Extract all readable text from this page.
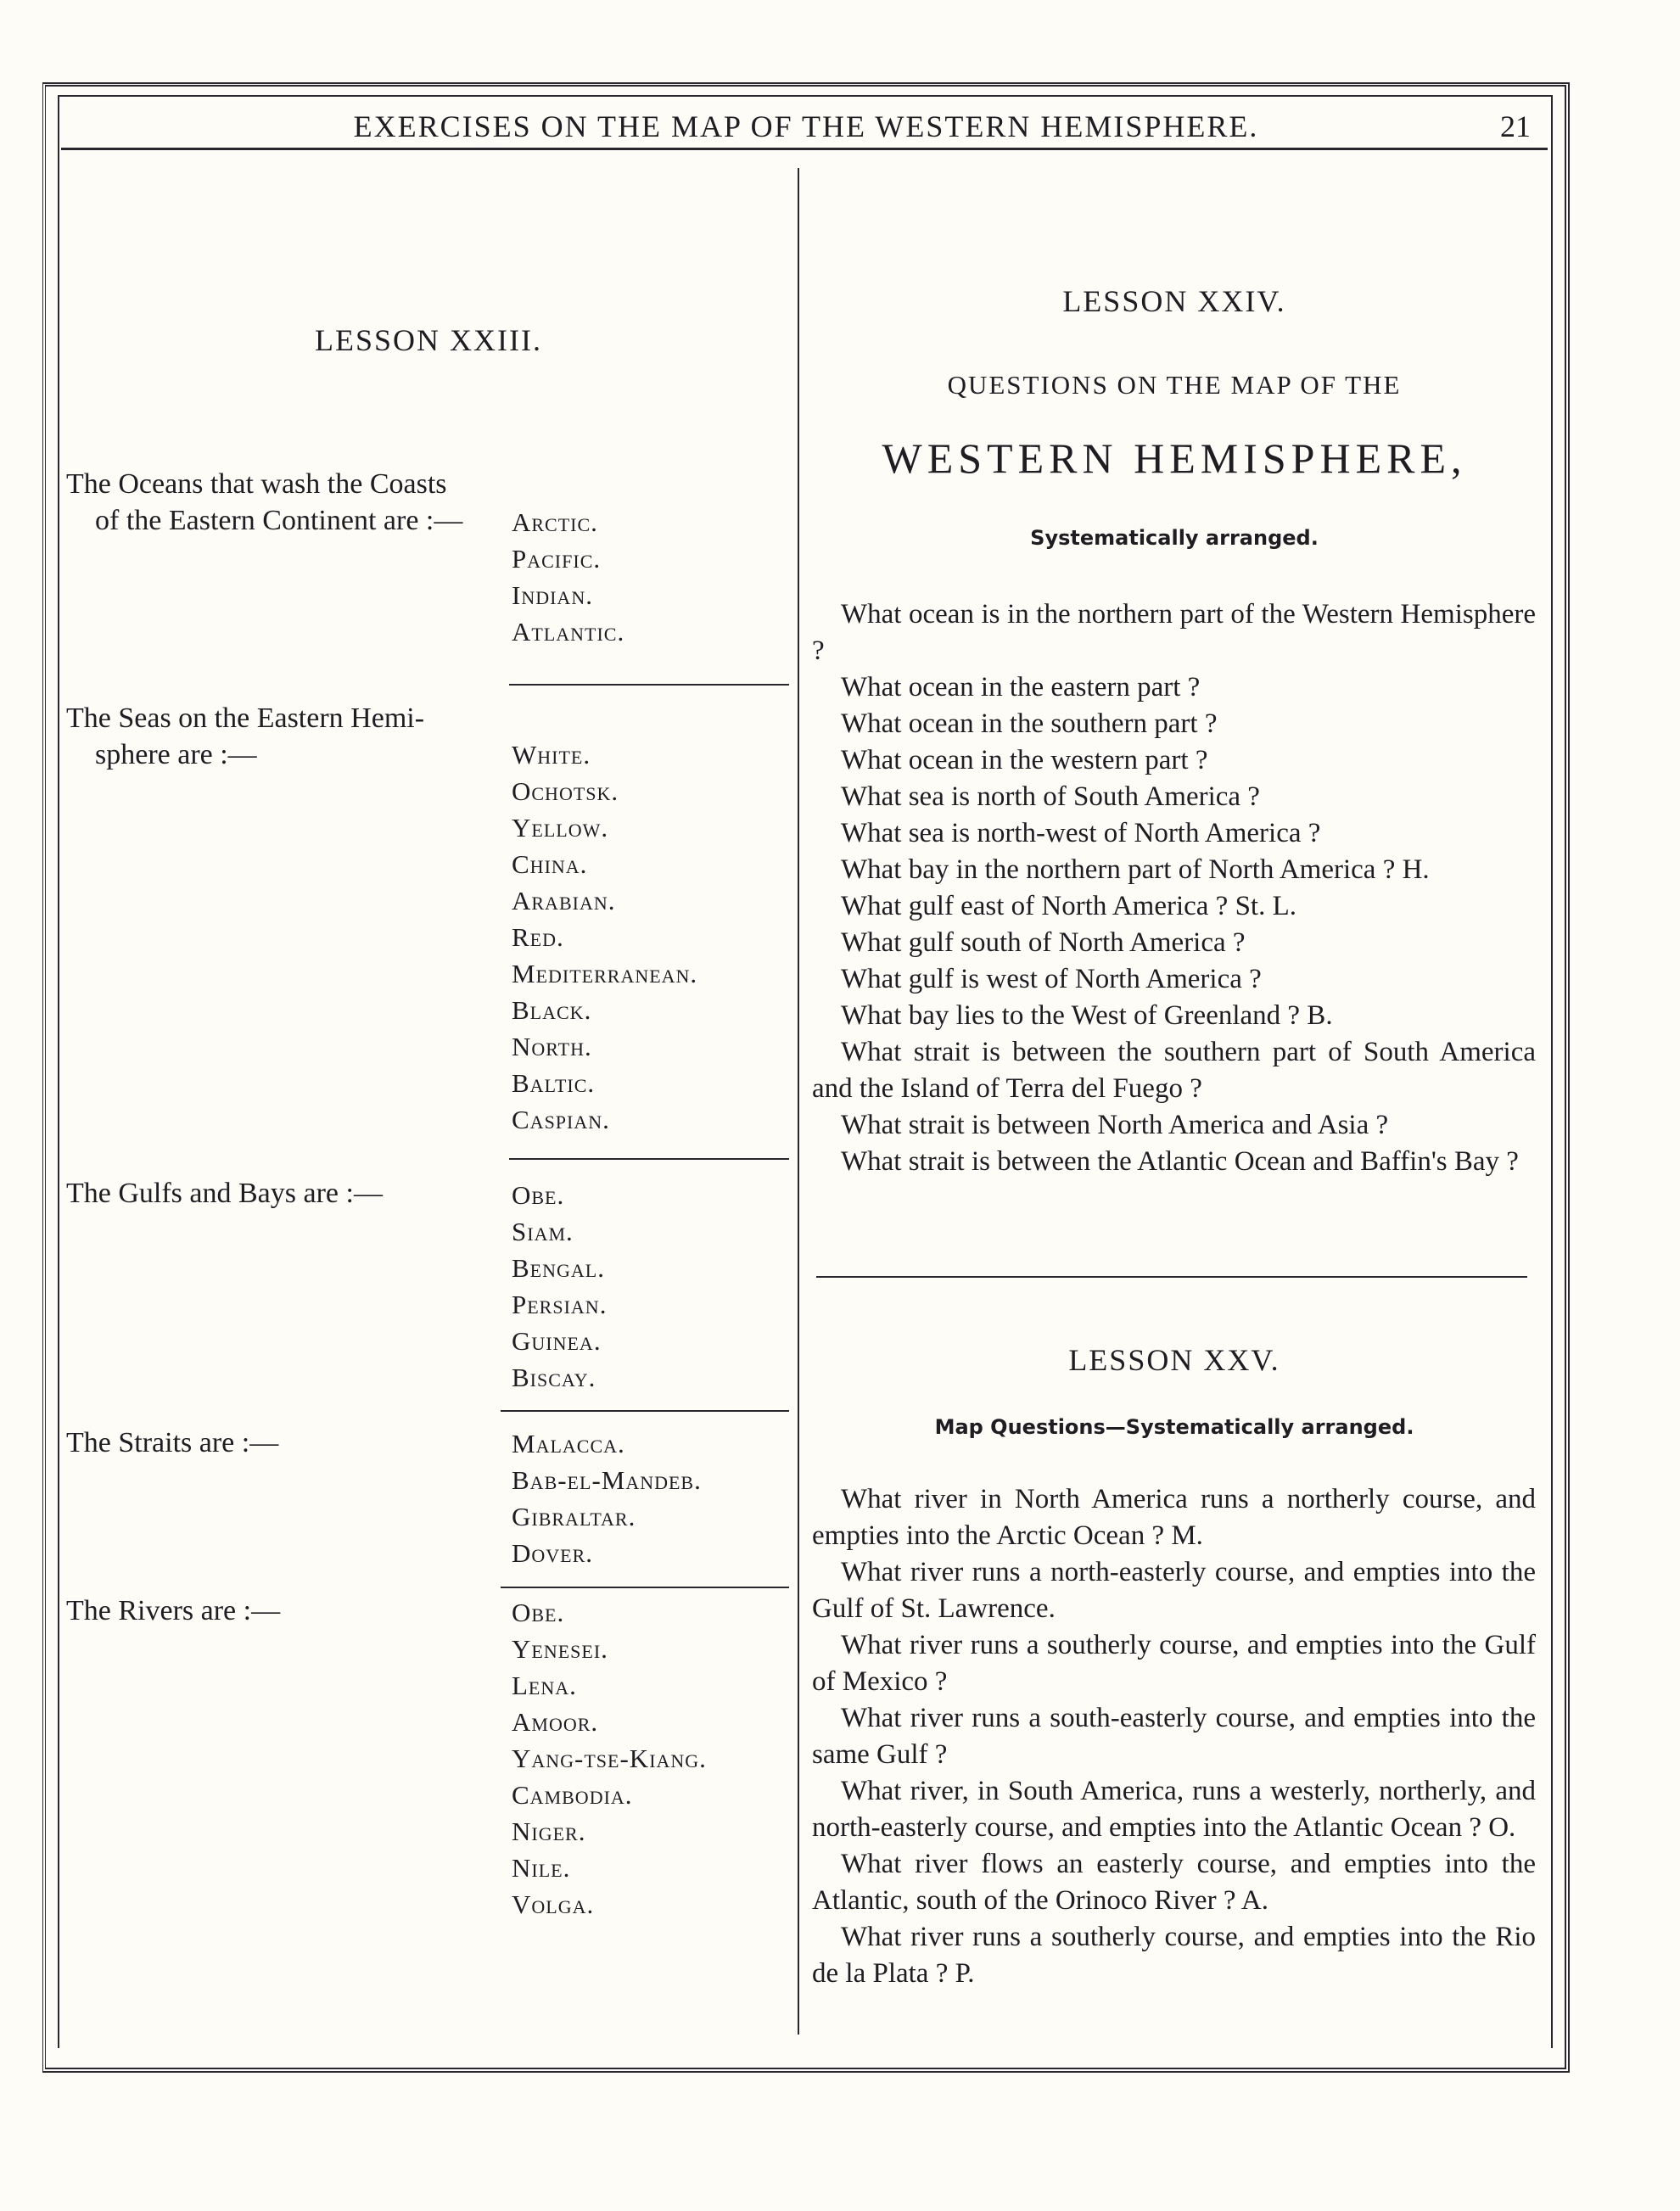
EXERCISES ON THE MAP OF THE WESTERN HEMISPHERE.	21
LESSON XXIII.
The Oceans that wash the Coasts
of the Eastern Continent are :—	Arctic.
Pacific.
Indian.
Atlantic.
The Seas on the Eastern Hemi-
sphere are :—	White.
Ochotsk.
Yellow.
China.
Arabian.
Red.
Mediterranean.
Black.
North.
Baltic.
Caspian.
The Gulfs and Bays are :—	Obe.
Siam.
Bengal.
Persian.
Guinea.
Biscay.
The Straits are :—	Malacca.
Bab-el-Mandeb.
Gibraltar.
Dover.
The Rivers are :—	Obe.
Yenesei.
Lena.
Amoor.
Yang-tse-Kiang.
Cambodia.
Niger.
Nile.
Volga.
LESSON XXIV.
QUESTIONS ON THE MAP OF THE
WESTERN HEMISPHERE,
Systematically arranged.

What ocean is in the northern part of the Western Hemisphere ?

What ocean in the eastern part ?

What ocean in the southern part ?

What ocean in the western part ?

What sea is north of South America ?

What sea is north-west of North America ?

What bay in the northern part of North America ? H.

What gulf east of North America ? St. L.

What gulf south of North America ?

What gulf is west of North America ?

What bay lies to the West of Greenland ? B.

What strait is between the southern part of South America and the Island of Terra del Fuego ?

What strait is between North America and Asia ?

What strait is between the Atlantic Ocean and Baffin's Bay ?

LESSON XXV.
Map Questions—Systematically arranged.

What river in North America runs a northerly course, and empties into the Arctic Ocean ? M.

What river runs a north-easterly course, and empties into the Gulf of St. Lawrence.

What river runs a southerly course, and empties into the Gulf of Mexico ?

What river runs a south-easterly course, and empties into the same Gulf ?

What river, in South America, runs a westerly, northerly, and north-easterly course, and empties into the Atlantic Ocean ? O.

What river flows an easterly course, and empties into the Atlantic, south of the Orinoco River ? A.

What river runs a southerly course, and empties into the Rio de la Plata ? P.
